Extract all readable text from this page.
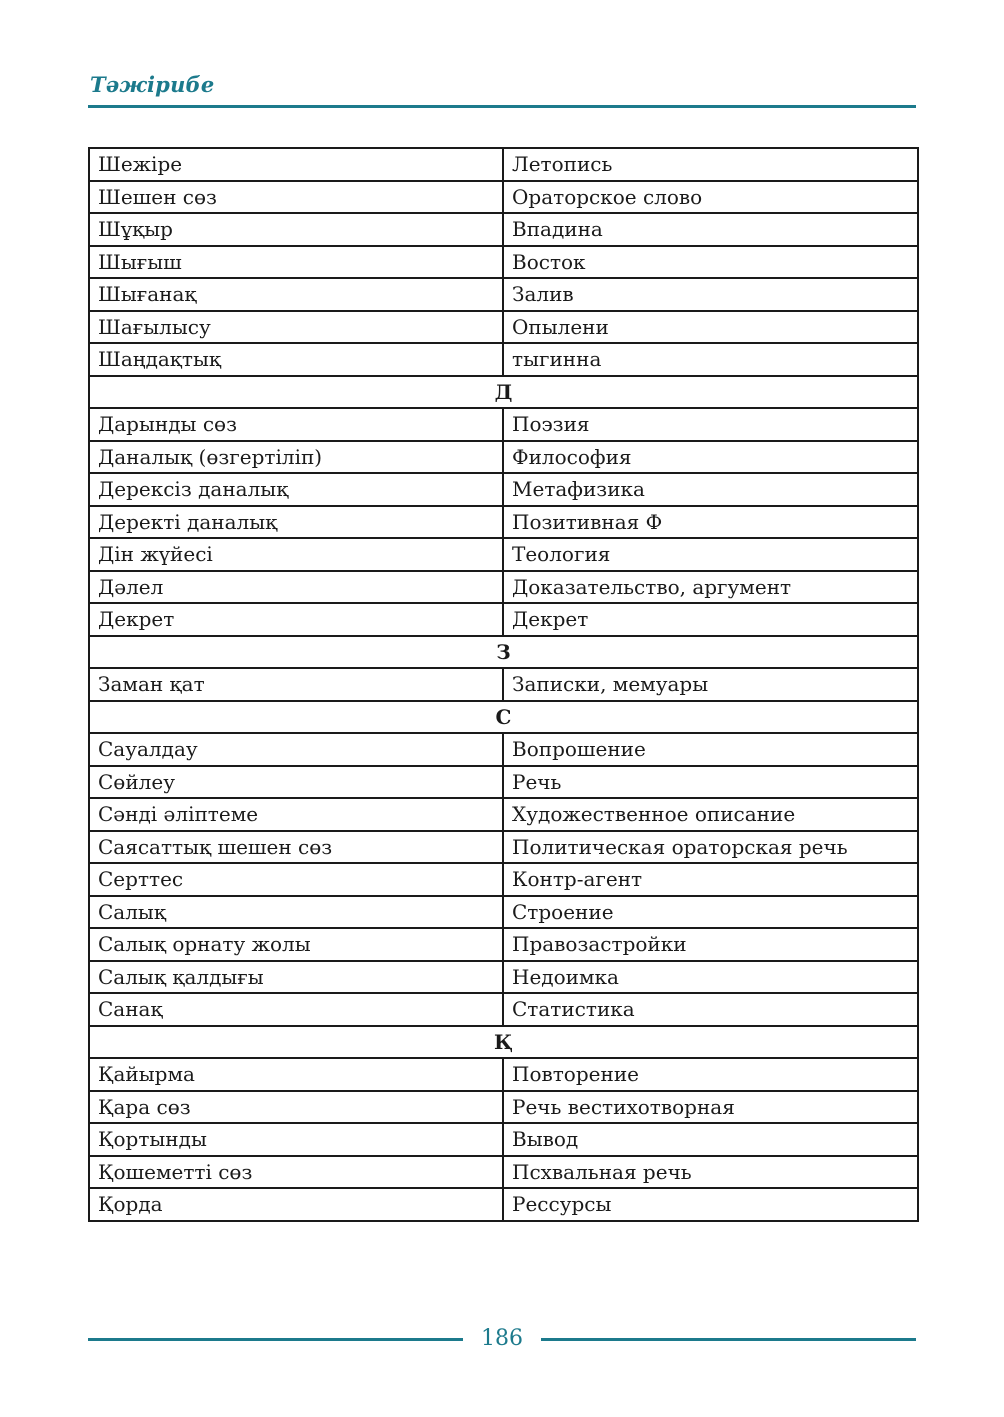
Тәжірибе
Шежіре	Летопись
Шешен сөз	Ораторское слово
Шұқыр	Впадина
Шығыш	Восток
Шығанақ	Залив
Шағылысу	Опылени
Шаңдақтық	тыгинна
Д	
Дарынды сөз	Поэзия
Даналық (өзгертіліп)	Философия
Дерексіз даналық	Метафизика
Деректі даналық	Позитивная Ф
Дін жүйесі	Теология
Дәлел	Доказательство, аргумент
Декрет	Декрет
З	
Заман қат	Записки, мемуары
С	
Сауалдау	Вопрошение
Сөйлеу	Речь
Сәнді әліптеме	Художественное описание
Саясаттық шешен сөз	Политическая ораторская речь
Серттес	Контр-агент
Салық	Строение
Салық орнату жолы	Правозастройки
Салық қалдығы	Недоимка
Санақ	Статистика
Қ	
Қайырма	Повторение
Қара сөз	Речь вестихотворная
Қортынды	Вывод
Қошеметті сөз	Псхвальная речь
Қорда	Ресcурсы
186
